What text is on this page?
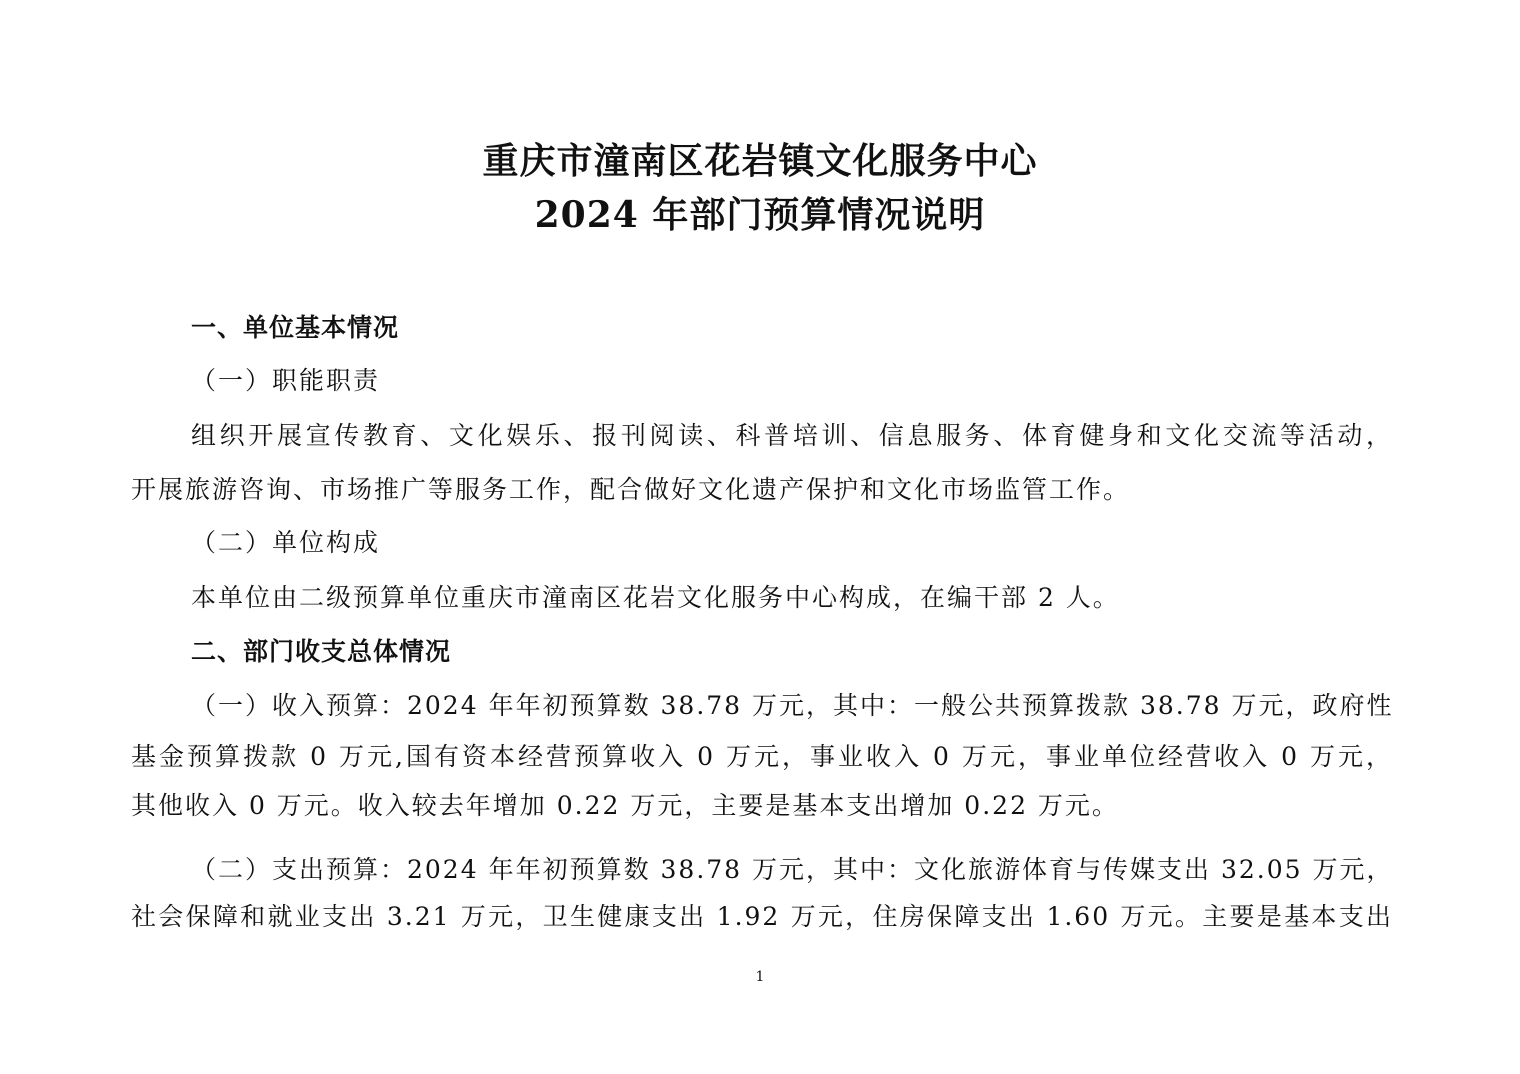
重庆市潼南区花岩镇文化服务中心
2024 年部门预算情况说明

一、单位基本情况

（一）职能职责

组织开展宣传教育、文化娱乐、报刊阅读、科普培训、信息服务、体育健身和文化交流等活动，

开展旅游咨询、市场推广等服务工作，配合做好文化遗产保护和文化市场监管工作。

（二）单位构成

本单位由二级预算单位重庆市潼南区花岩文化服务中心构成，在编干部 2 人。

二、部门收支总体情况

（一）收入预算：2024 年年初预算数 38.78 万元，其中：一般公共预算拨款 38.78 万元，政府性

基金预算拨款 0 万元,国有资本经营预算收入 0 万元，事业收入 0 万元，事业单位经营收入 0 万元，

其他收入 0 万元。收入较去年增加 0.22 万元，主要是基本支出增加 0.22 万元。

（二）支出预算：2024 年年初预算数 38.78 万元，其中：文化旅游体育与传媒支出 32.05 万元，

社会保障和就业支出 3.21 万元，卫生健康支出 1.92 万元，住房保障支出 1.60 万元。主要是基本支出

1
